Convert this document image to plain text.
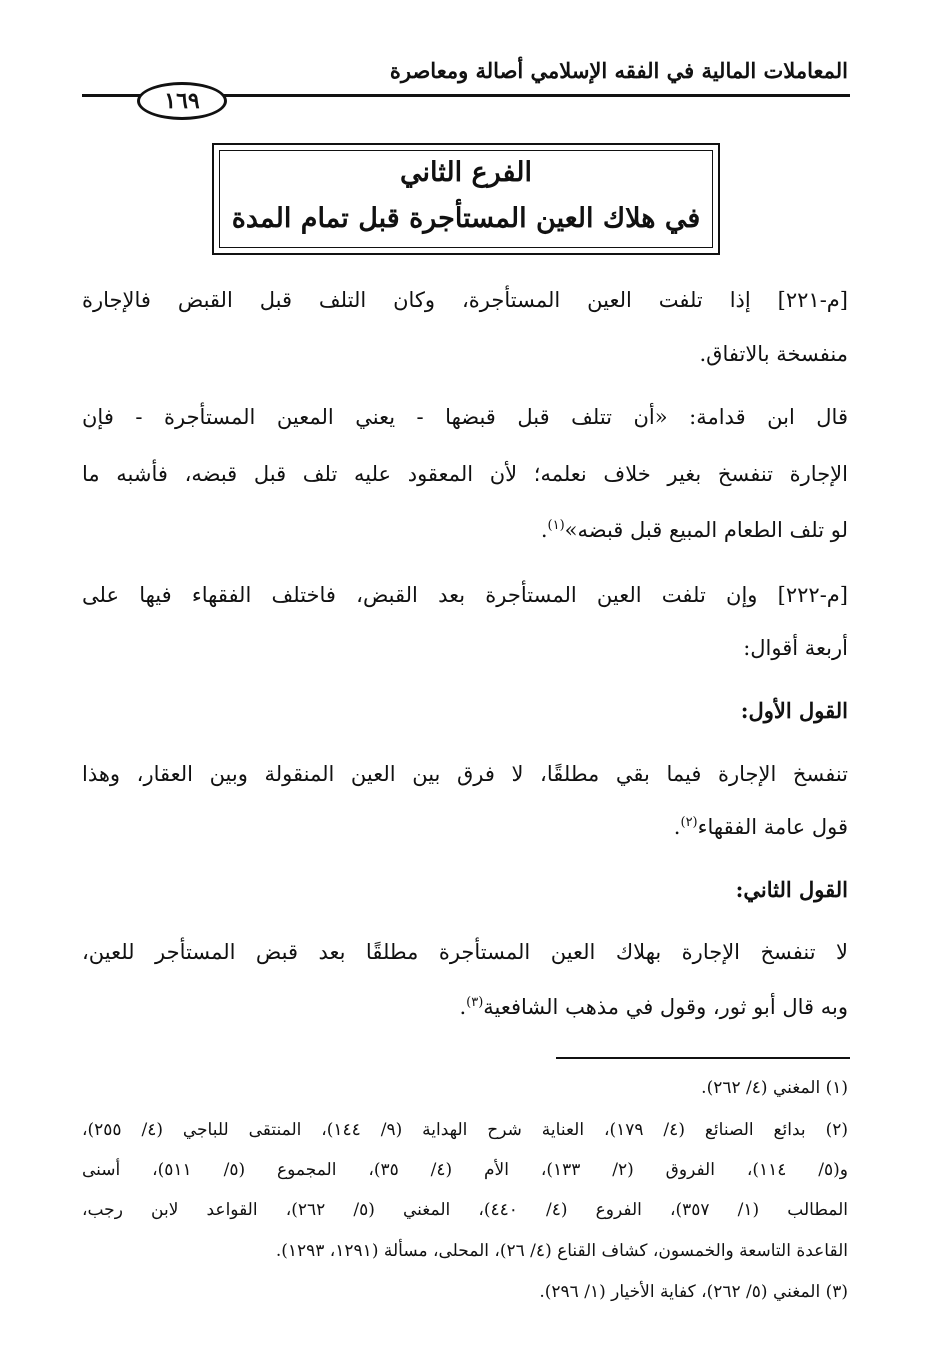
المعاملات المالية في الفقه الإسلامي أصالة ومعاصرة
١٦٩
الفرع الثاني
في هلاك العين المستأجرة قبل تمام المدة
[م-٢٢١] إذا تلفت العين المستأجرة، وكان التلف قبل القبض فالإجارة
منفسخة بالاتفاق.
قال ابن قدامة: «أن تتلف قبل قبضها - يعني المعين المستأجرة - فإن
الإجارة تنفسخ بغير خلاف نعلمه؛ لأن المعقود عليه تلف قبل قبضه، فأشبه ما
لو تلف الطعام المبيع قبل قبضه»$^{(١)}$.
[م-٢٢٢] وإن تلفت العين المستأجرة بعد القبض، فاختلف الفقهاء فيها على
أربعة أقوال:
القول الأول:
تنفسخ الإجارة فيما بقي مطلقًا، لا فرق بين العين المنقولة وبين العقار، وهذا
قول عامة الفقهاء$^{(٢)}$.
القول الثاني:
لا تنفسخ الإجارة بهلاك العين المستأجرة مطلقًا بعد قبض المستأجر للعين،
وبه قال أبو ثور، وقول في مذهب الشافعية$^{(٣)}$.
(١) المغني (٤/ ٢٦٢).
(٢) بدائع الصنائع (٤/ ١٧٩)، العناية شرح الهداية (٩/ ١٤٤)، المنتقى للباجي (٤/ ٢٥٥)،
و(٥/ ١١٤)، الفروق (٢/ ١٣٣)، الأم (٤/ ٣٥)، المجموع (٥/ ٥١١)، أسنى
المطالب (١/ ٣٥٧)، الفروع (٤/ ٤٤٠)، المغني (٥/ ٢٦٢)، القواعد لابن رجب،
القاعدة التاسعة والخمسون، كشاف القناع (٤/ ٢٦)، المحلى، مسألة (١٢٩١، ١٢٩٣).
(٣) المغني (٥/ ٢٦٢)، كفاية الأخيار (١/ ٢٩٦).
